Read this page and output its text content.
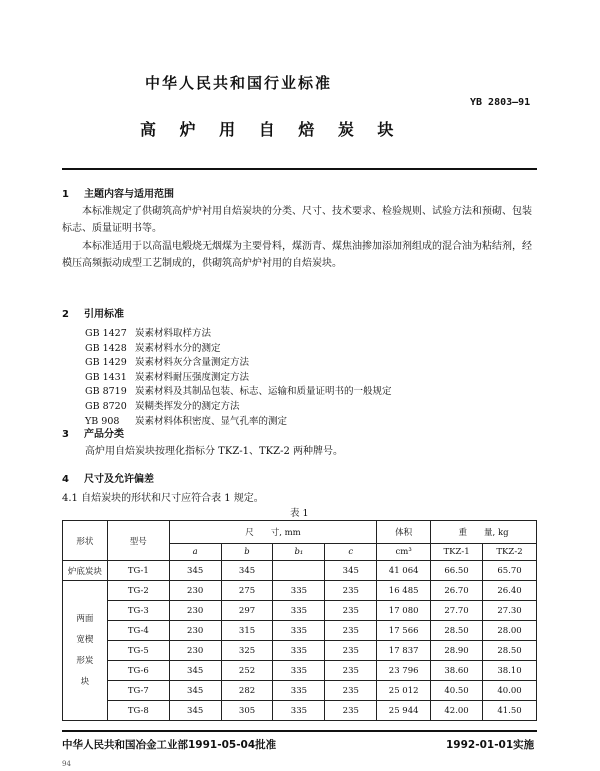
中华人民共和国行业标准
YB 2803—91
高 炉 用 自 焙 炭 块
1 主题内容与适用范围
本标准规定了供砌筑高炉炉衬用自焙炭块的分类、尺寸、技术要求、检验规则、试验方法和预砌、包装标志、质量证明书等。
本标准适用于以高温电煅烧无烟煤为主要骨料，煤沥青、煤焦油掺加添加剂组成的混合油为粘结剂，经模压高频振动成型工艺制成的，供砌筑高炉炉衬用的自焙炭块。
2 引用标准
GB 1427 炭素材料取样方法
GB 1428 炭素材料水分的测定
GB 1429 炭素材料灰分含量测定方法
GB 1431 炭素材料耐压强度测定方法
GB 8719 炭素材料及其制品包装、标志、运输和质量证明书的一般规定
GB 8720 炭糊类挥发分的测定方法
YB 908	炭素材料体积密度、显气孔率的测定
3 产品分类
高炉用自焙炭块按理化指标分 TKZ-1、TKZ-2 两种牌号。
4 尺寸及允许偏差
4.1 自焙炭块的形状和尺寸应符合表 1 规定。
表 1
形状	型号	尺　　寸, mm				体积	重　　量, kg	
		a	b	b₁	c	cm³	TKZ-1	TKZ-2
炉底炭块	TG-1	345	345		345	41 064	66.50	65.70

两面
宽楔
形炭
块	TG-2	230	275	335	235	16 485	26.70	26.40
	TG-3	230	297	335	235	17 080	27.70	27.30
	TG-4	230	315	335	235	17 566	28.50	28.00
	TG-5	230	325	335	235	17 837	28.90	28.50
	TG-6	345	252	335	235	23 796	38.60	38.10
	TG-7	345	282	335	235	25 012	40.50	40.00
	TG-8	345	305	335	235	25 944	42.00	41.50
中华人民共和国冶金工业部1991-05-04批准	1992-01-01实施
94
